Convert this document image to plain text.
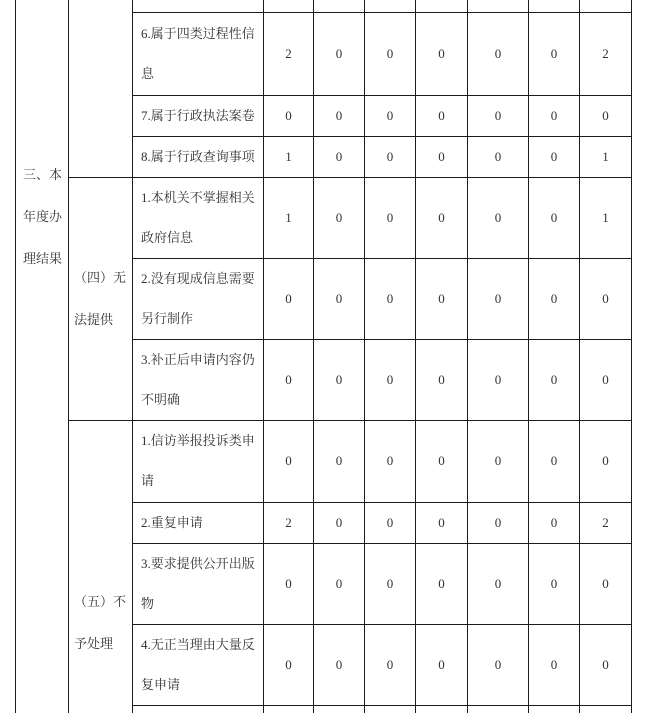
三、本年度办理结果									
		6.属于四类过程性信息	2	0	0	0	0	0	2
		7.属于行政执法案卷	0	0	0	0	0	0	0
		8.属于行政查询事项	1	0	0	0	0	0	1
	（四）无法提供	1.本机关不掌握相关政府信息	1	0	0	0	0	0	1
		2.没有现成信息需要另行制作	0	0	0	0	0	0	0
		3.补正后申请内容仍不明确	0	0	0	0	0	0	0
	（五）不予处理	1.信访举报投诉类申请	0	0	0	0	0	0	0
		2.重复申请	2	0	0	0	0	0	2
		3.要求提供公开出版物	0	0	0	0	0	0	0
		4.无正当理由大量反复申请	0	0	0	0	0	0	0
